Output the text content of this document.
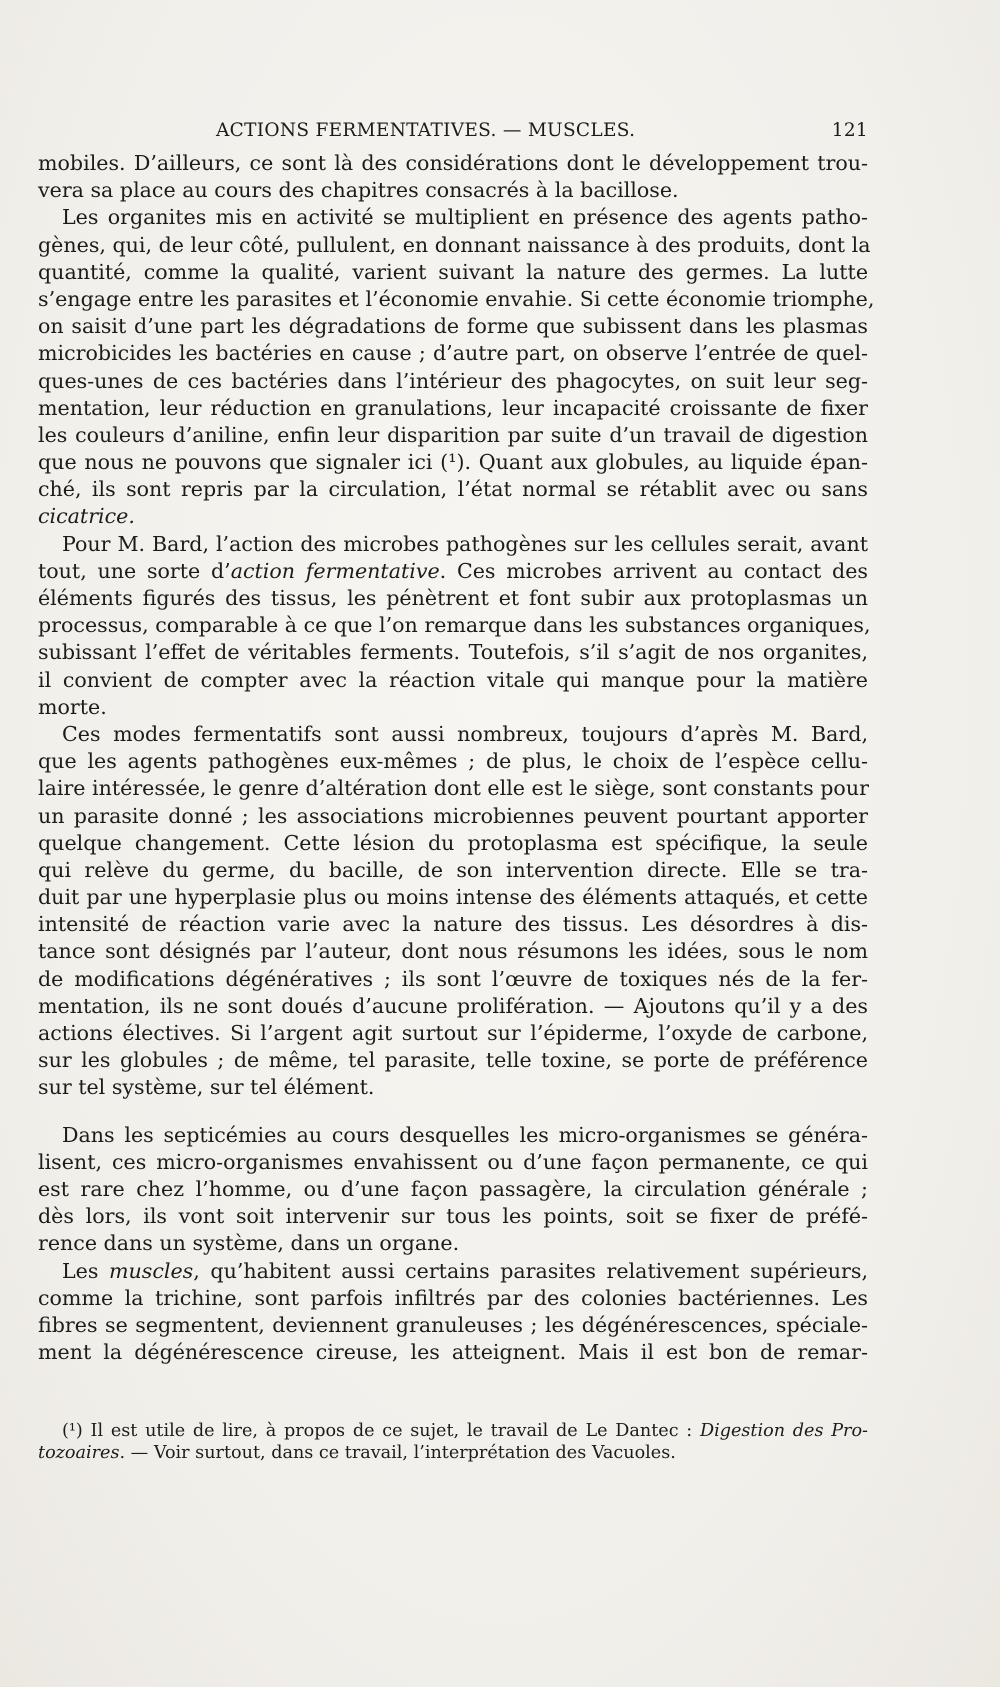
ACTIONS FERMENTATIVES. — MUSCLES.	121
mobiles. D’ailleurs, ce sont là des considérations dont le développement trou-
vera sa place au cours des chapitres consacrés à la bacillose.
Les organites mis en activité se multiplient en présence des agents patho-
gènes, qui, de leur côté, pullulent, en donnant naissance à des produits, dont la
quantité, comme la qualité, varient suivant la nature des germes. La lutte
s’engage entre les parasites et l’économie envahie. Si cette économie triomphe,
on saisit d’une part les dégradations de forme que subissent dans les plasmas
microbicides les bactéries en cause ; d’autre part, on observe l’entrée de quel-
ques-unes de ces bactéries dans l’intérieur des phagocytes, on suit leur seg-
mentation, leur réduction en granulations, leur incapacité croissante de fixer
les couleurs d’aniline, enfin leur disparition par suite d’un travail de digestion
que nous ne pouvons que signaler ici (¹). Quant aux globules, au liquide épan-
ché, ils sont repris par la circulation, l’état normal se rétablit avec ou sans
cicatrice.
Pour M. Bard, l’action des microbes pathogènes sur les cellules serait, avant
tout, une sorte d’action fermentative. Ces microbes arrivent au contact des
éléments figurés des tissus, les pénètrent et font subir aux protoplasmas un
processus, comparable à ce que l’on remarque dans les substances organiques,
subissant l’effet de véritables ferments. Toutefois, s’il s’agit de nos organites,
il convient de compter avec la réaction vitale qui manque pour la matière
morte.
Ces modes fermentatifs sont aussi nombreux, toujours d’après M. Bard,
que les agents pathogènes eux-mêmes ; de plus, le choix de l’espèce cellu-
laire intéressée, le genre d’altération dont elle est le siège, sont constants pour
un parasite donné ; les associations microbiennes peuvent pourtant apporter
quelque changement. Cette lésion du protoplasma est spécifique, la seule
qui relève du germe, du bacille, de son intervention directe. Elle se tra-
duit par une hyperplasie plus ou moins intense des éléments attaqués, et cette
intensité de réaction varie avec la nature des tissus. Les désordres à dis-
tance sont désignés par l’auteur, dont nous résumons les idées, sous le nom
de modifications dégénératives ; ils sont l’œuvre de toxiques nés de la fer-
mentation, ils ne sont doués d’aucune prolifération. — Ajoutons qu’il y a des
actions électives. Si l’argent agit surtout sur l’épiderme, l’oxyde de carbone,
sur les globules ; de même, tel parasite, telle toxine, se porte de préférence
sur tel système, sur tel élément.
Dans les septicémies au cours desquelles les micro-organismes se généra-
lisent, ces micro-organismes envahissent ou d’une façon permanente, ce qui
est rare chez l’homme, ou d’une façon passagère, la circulation générale ;
dès lors, ils vont soit intervenir sur tous les points, soit se fixer de préfé-
rence dans un système, dans un organe.
Les muscles, qu’habitent aussi certains parasites relativement supérieurs,
comme la trichine, sont parfois infiltrés par des colonies bactériennes. Les
fibres se segmentent, deviennent granuleuses ; les dégénérescences, spéciale-
ment la dégénérescence cireuse, les atteignent. Mais il est bon de remar-
(¹) Il est utile de lire, à propos de ce sujet, le travail de Le Dantec : Digestion des Pro-
tozoaires. — Voir surtout, dans ce travail, l’interprétation des Vacuoles.
